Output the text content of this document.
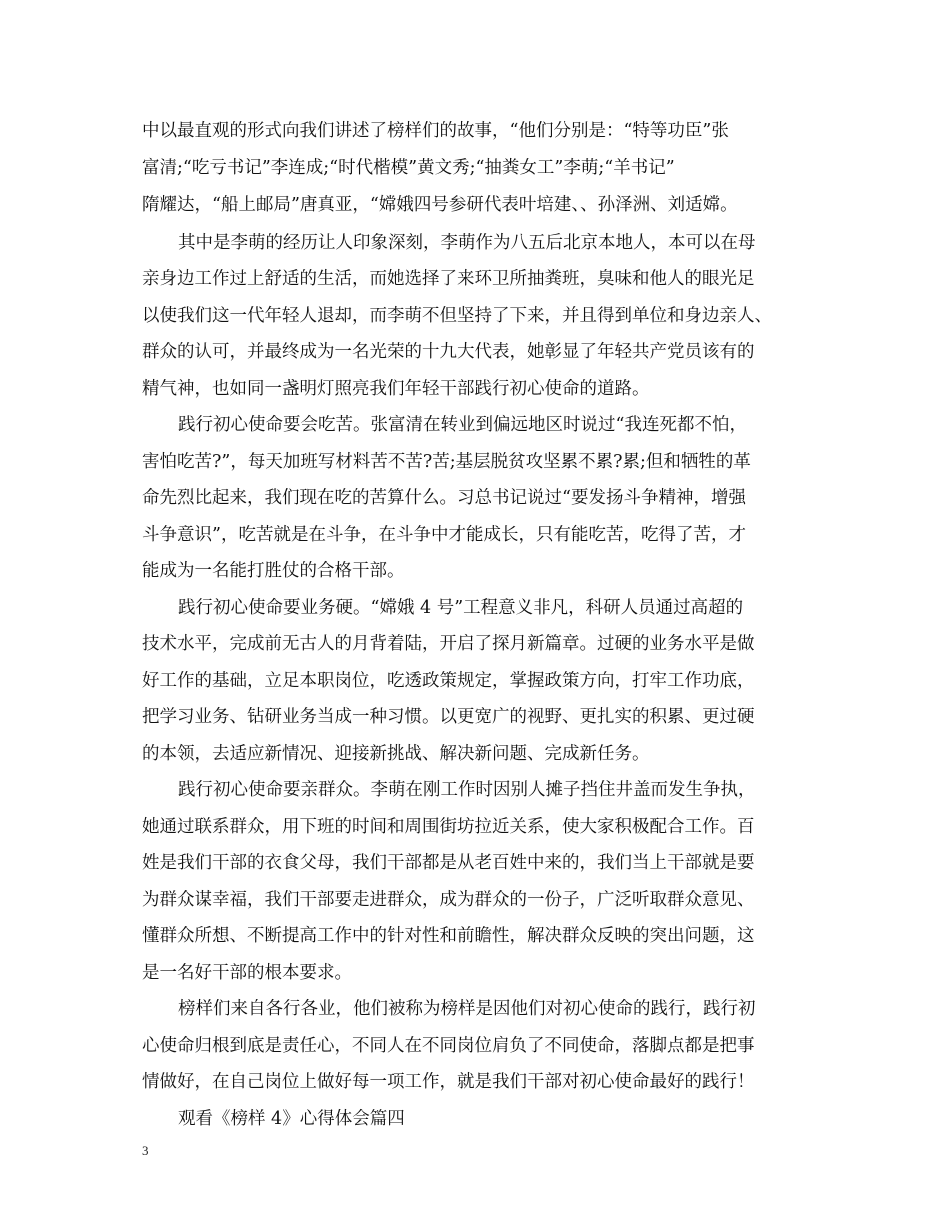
中以最直观的形式向我们讲述了榜样们的故事，“他们分别是：“特等功臣”张
富清;“吃亏书记”李连成;“时代楷模”黄文秀;“抽粪女工”李萌;“羊书记”
隋耀达，“船上邮局”唐真亚，“嫦娥四号参研代表叶培建、、孙泽洲、刘适嫦。
其中是李萌的经历让人印象深刻，李萌作为八五后北京本地人，本可以在母
亲身边工作过上舒适的生活，而她选择了来环卫所抽粪班，臭味和他人的眼光足
以使我们这一代年轻人退却，而李萌不但坚持了下来，并且得到单位和身边亲人、
群众的认可，并最终成为一名光荣的十九大代表，她彰显了年轻共产党员该有的
精气神，也如同一盏明灯照亮我们年轻干部践行初心使命的道路。
践行初心使命要会吃苦。张富清在转业到偏远地区时说过“我连死都不怕，
害怕吃苦?”，每天加班写材料苦不苦?苦;基层脱贫攻坚累不累?累;但和牺牲的革
命先烈比起来，我们现在吃的苦算什么。习总书记说过“要发扬斗争精神，增强
斗争意识”，吃苦就是在斗争，在斗争中才能成长，只有能吃苦，吃得了苦，才
能成为一名能打胜仗的合格干部。
践行初心使命要业务硬。“嫦娥 4 号”工程意义非凡，科研人员通过高超的
技术水平，完成前无古人的月背着陆，开启了探月新篇章。过硬的业务水平是做
好工作的基础，立足本职岗位，吃透政策规定，掌握政策方向，打牢工作功底，
把学习业务、钻研业务当成一种习惯。以更宽广的视野、更扎实的积累、更过硬
的本领，去适应新情况、迎接新挑战、解决新问题、完成新任务。
践行初心使命要亲群众。李萌在刚工作时因别人摊子挡住井盖而发生争执，
她通过联系群众，用下班的时间和周围街坊拉近关系，使大家积极配合工作。百
姓是我们干部的衣食父母，我们干部都是从老百姓中来的，我们当上干部就是要
为群众谋幸福，我们干部要走进群众，成为群众的一份子，广泛听取群众意见、
懂群众所想、不断提高工作中的针对性和前瞻性，解决群众反映的突出问题，这
是一名好干部的根本要求。
榜样们来自各行各业，他们被称为榜样是因他们对初心使命的践行，践行初
心使命归根到底是责任心，不同人在不同岗位肩负了不同使命，落脚点都是把事
情做好，在自己岗位上做好每一项工作，就是我们干部对初心使命最好的践行！
观看《榜样 4》心得体会篇四
3
